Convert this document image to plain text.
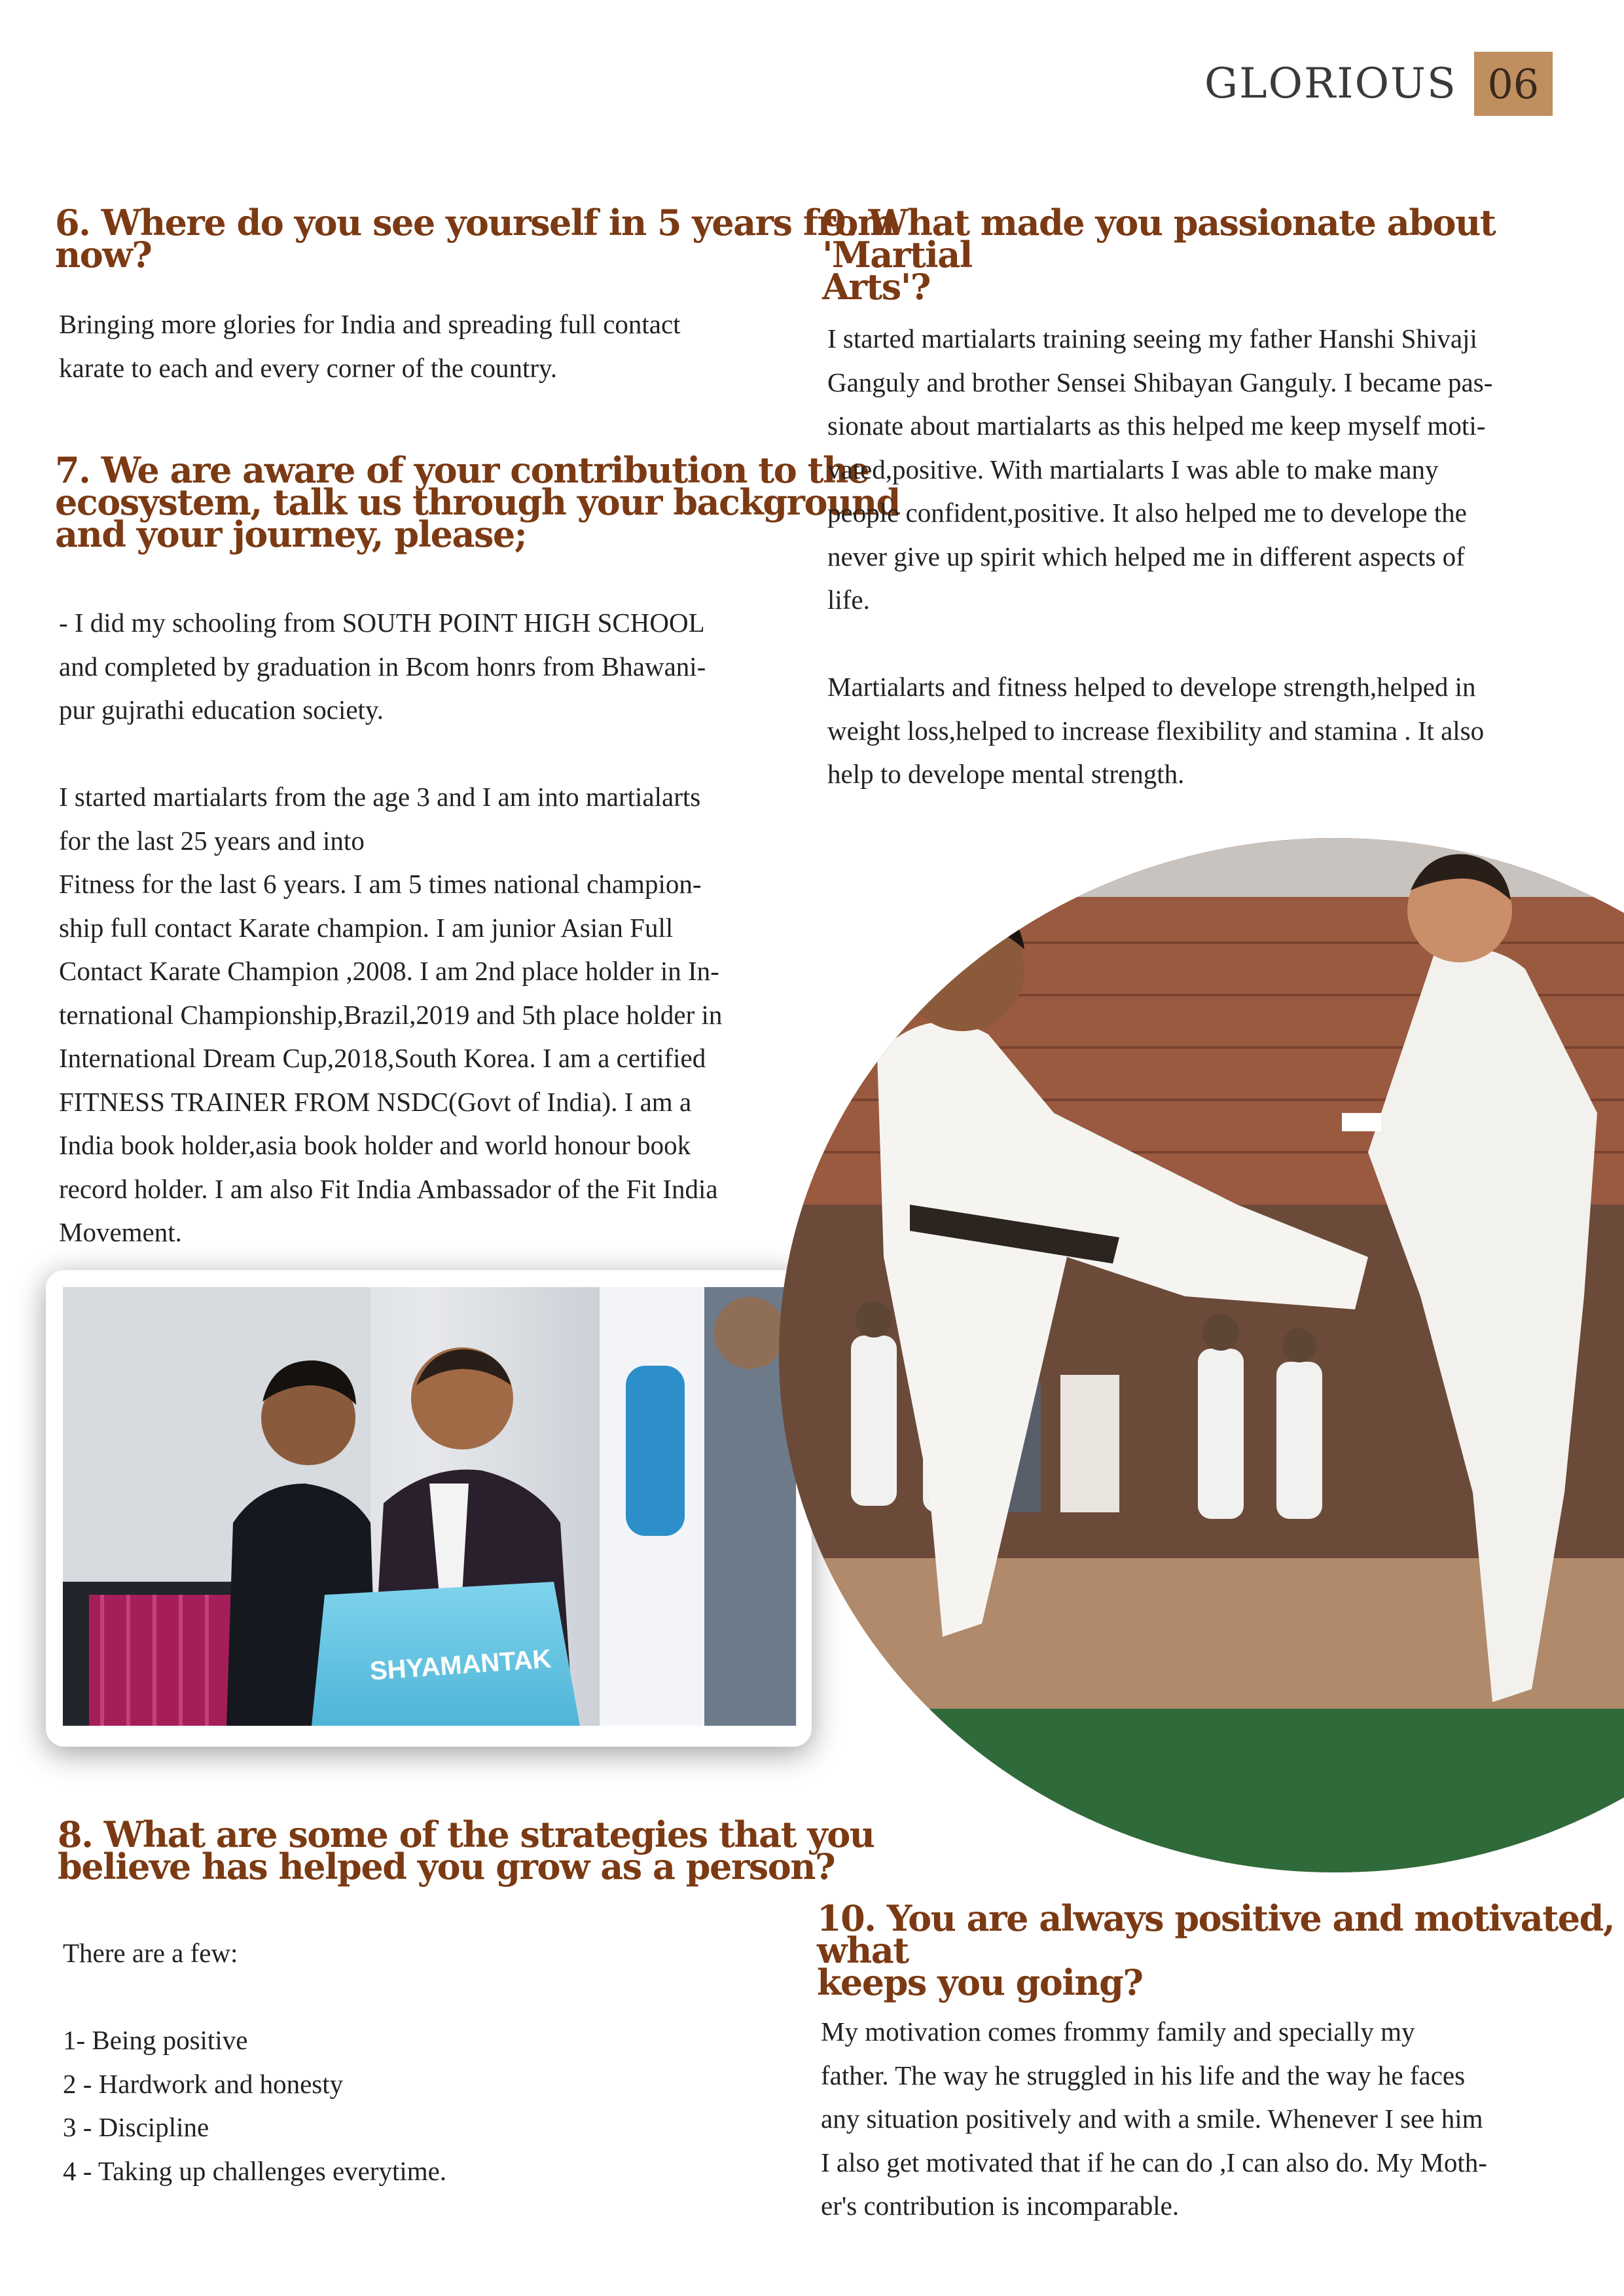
GLORIOUS 06
6. Where do you see yourself in 5 years from
now?
Bringing more glories for India and spreading full contact
karate to each and every corner of the country.
7. We are aware of your contribution to the
ecosystem, talk us through your background
and your journey, please;
- I did my schooling from SOUTH POINT HIGH SCHOOL
and completed by graduation in Bcom honrs from Bhawani-
pur gujrathi education society.
I started martialarts from the age 3 and I am into martialarts
for the last 25 years and into
Fitness for the last 6 years. I am 5 times national champion-
ship full contact Karate champion. I am junior Asian Full
Contact Karate Champion ,2008. I am 2nd place holder in In-
ternational Championship,Brazil,2019 and 5th place holder in
International Dream Cup,2018,South Korea. I am a certified
FITNESS TRAINER FROM NSDC(Govt of India). I am a
India book holder,asia book holder and world honour book
record holder. I am also Fit India Ambassador of the Fit India
Movement.
SHYAMANTAK
8. What are some of the strategies that you
believe has helped you grow as a person?
There are a few:
1- Being positive
2 - Hardwork and honesty
3 - Discipline
4 - Taking up challenges everytime.
9. What made you passionate about 'Martial
Arts'?
I started martialarts training seeing my father Hanshi Shivaji
Ganguly and brother Sensei Shibayan Ganguly. I became pas-
sionate about martialarts as this helped me keep myself moti-
vated,positive. With martialarts I was able to make many
people confident,positive. It also helped me to develope the
never give up spirit which helped me in different aspects of
life.
Martialarts and fitness helped to develope strength,helped in
weight loss,helped to increase flexibility and stamina . It also
help to develope mental strength.
10. You are always positive and motivated, what
keeps you going?
My motivation comes frommy family and specially my
father. The way he struggled in his life and the way he faces
any situation positively and with a smile. Whenever I see him
I also get motivated that if he can do ,I can also do. My Moth-
er's contribution is incomparable.
